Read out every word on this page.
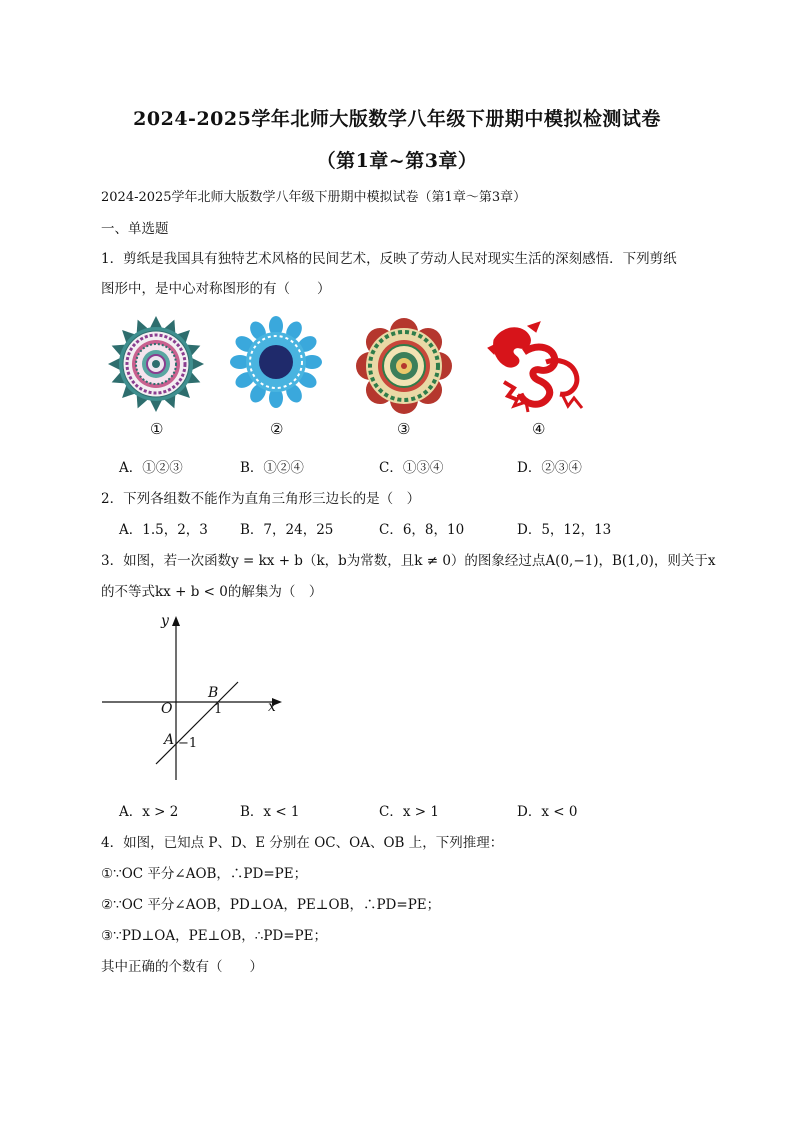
2024-2025学年北师大版数学八年级下册期中模拟检测试卷
（第1章~第3章）
2024-2025学年北师大版数学八年级下册期中模拟试卷（第1章～第3章）
一、单选题
1．剪纸是我国具有独特艺术风格的民间艺术，反映了劳动人民对现实生活的深刻感悟．下列剪纸
图形中，是中心对称图形的有（　　）
①	②	③	④
A．①②③	B．①②④	C．①③④	D．②③④
2．下列各组数不能作为直角三角形三边长的是（　）
A．1.5，2，3 B．7，24，25	C．6，8，10	D．5，12，13
3．如图，若一次函数y = kx + b（k，b为常数，且k ≠ 0）的图象经过点A(0,−1)，B(1,0)，则关于x
的不等式kx + b < 0的解集为（　）
y
x
O
B
1
A −1
A．x > 2	B．x < 1	C．x > 1	D．x < 0
4．如图，已知点 P、D、E 分别在 OC、OA、OB 上，下列推理：
①∵OC 平分∠AOB，∴PD=PE；
②∵OC 平分∠AOB，PD⊥OA，PE⊥OB，∴PD=PE；
③∵PD⊥OA，PE⊥OB，∴PD=PE；
其中正确的个数有（　　）
